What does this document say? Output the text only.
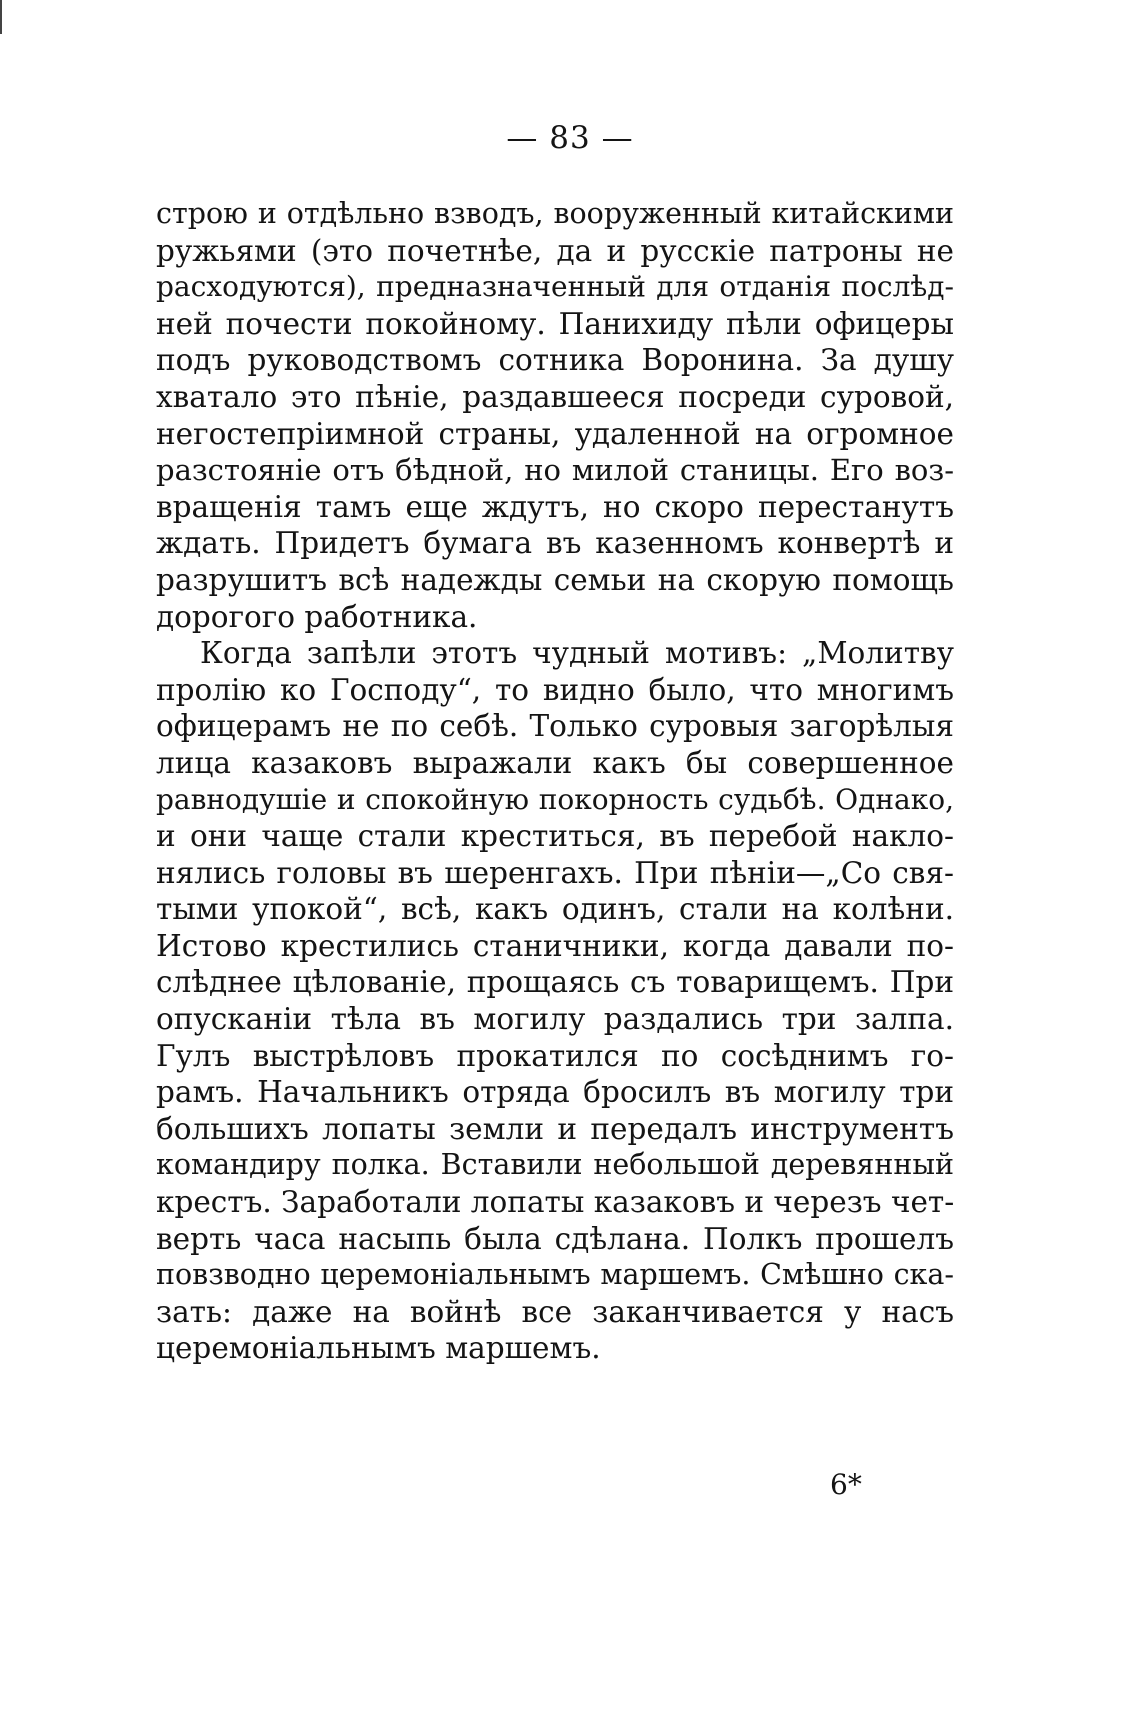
— 83 —
строю и отдѣльно взводъ, вооруженный китайскими
ружьями (это почетнѣе, да и русскіе патроны не
расходуются), предназначенный для отданія послѣд-
ней почести покойному. Панихиду пѣли офицеры
подъ руководствомъ сотника Воронина. За душу
хватало это пѣніе, раздавшееся посреди суровой,
негостепріимной страны, удаленной на огромное
разстояніе отъ бѣдной, но милой станицы. Его воз-
вращенія тамъ еще ждутъ, но скоро перестанутъ
ждать. Придетъ бумага въ казенномъ конвертѣ и
разрушитъ всѣ надежды семьи на скорую помощь
дорогого работника.
Когда запѣли этотъ чудный мотивъ: „Молитву
пролію ко Господу“, то видно было, что многимъ
офицерамъ не по себѣ. Только суровыя загорѣлыя
лица казаковъ выражали какъ бы совершенное
равнодушіе и спокойную покорность судьбѣ. Однако,
и они чаще стали креститься, въ перебой накло-
нялись головы въ шеренгахъ. При пѣніи—„Со свя-
тыми упокой“, всѣ, какъ одинъ, стали на колѣни.
Истово крестились станичники, когда давали по-
слѣднее цѣлованіе, прощаясь съ товарищемъ. При
опусканіи тѣла въ могилу раздались три залпа.
Гулъ выстрѣловъ прокатился по сосѣднимъ го-
рамъ. Начальникъ отряда бросилъ въ могилу три
большихъ лопаты земли и передалъ инструментъ
командиру полка. Вставили небольшой деревянный
крестъ. Заработали лопаты казаковъ и черезъ чет-
верть часа насыпь была сдѣлана. Полкъ прошелъ
повзводно церемоніальнымъ маршемъ. Смѣшно ска-
зать: даже на войнѣ все заканчивается у насъ
церемоніальнымъ маршемъ.
6*
